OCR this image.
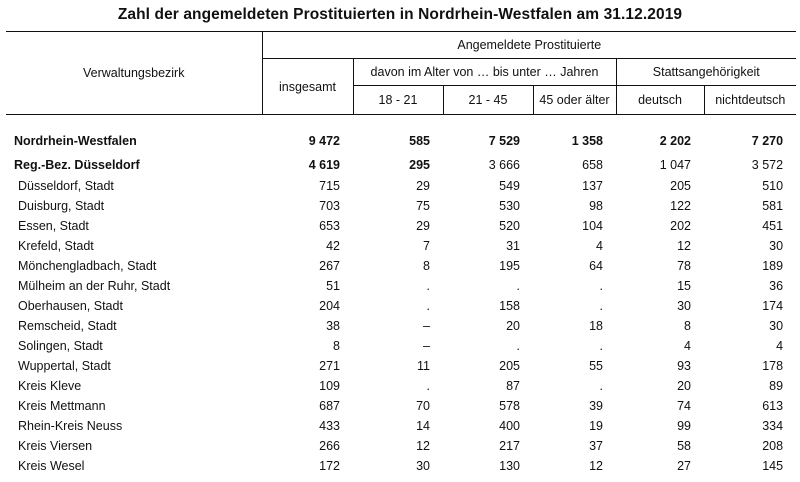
Zahl der angemeldeten Prostituierten in Nordrhein-Westfalen am 31.12.2019
Verwaltungsbezirk	Angemeldete Prostituierte					
	insgesamt	davon im Alter von … bis unter … Jahren			Stattsangehörigkeit	
		18 - 21	21 - 45	45 oder älter	deutsch	nichtdeutsch

Nordrhein-Westfalen	9 472	585	7 529	1 358	2 202	7 270
Reg.-Bez. Düsseldorf	4 619	295	3 666	658	1 047	3 572
Düsseldorf, Stadt	715	29	549	137	205	510
Duisburg, Stadt	703	75	530	98	122	581
Essen, Stadt	653	29	520	104	202	451
Krefeld, Stadt	42	7	31	4	12	30
Mönchengladbach, Stadt	267	8	195	64	78	189
Mülheim an der Ruhr, Stadt	51	.	.	.	15	36
Oberhausen, Stadt	204	.	158	.	30	174
Remscheid, Stadt	38	–	20	18	8	30
Solingen, Stadt	8	–	.	.	4	4
Wuppertal, Stadt	271	11	205	55	93	178
Kreis Kleve	109	.	87	.	20	89
Kreis Mettmann	687	70	578	39	74	613
Rhein-Kreis Neuss	433	14	400	19	99	334
Kreis Viersen	266	12	217	37	58	208
Kreis Wesel	172	30	130	12	27	145
